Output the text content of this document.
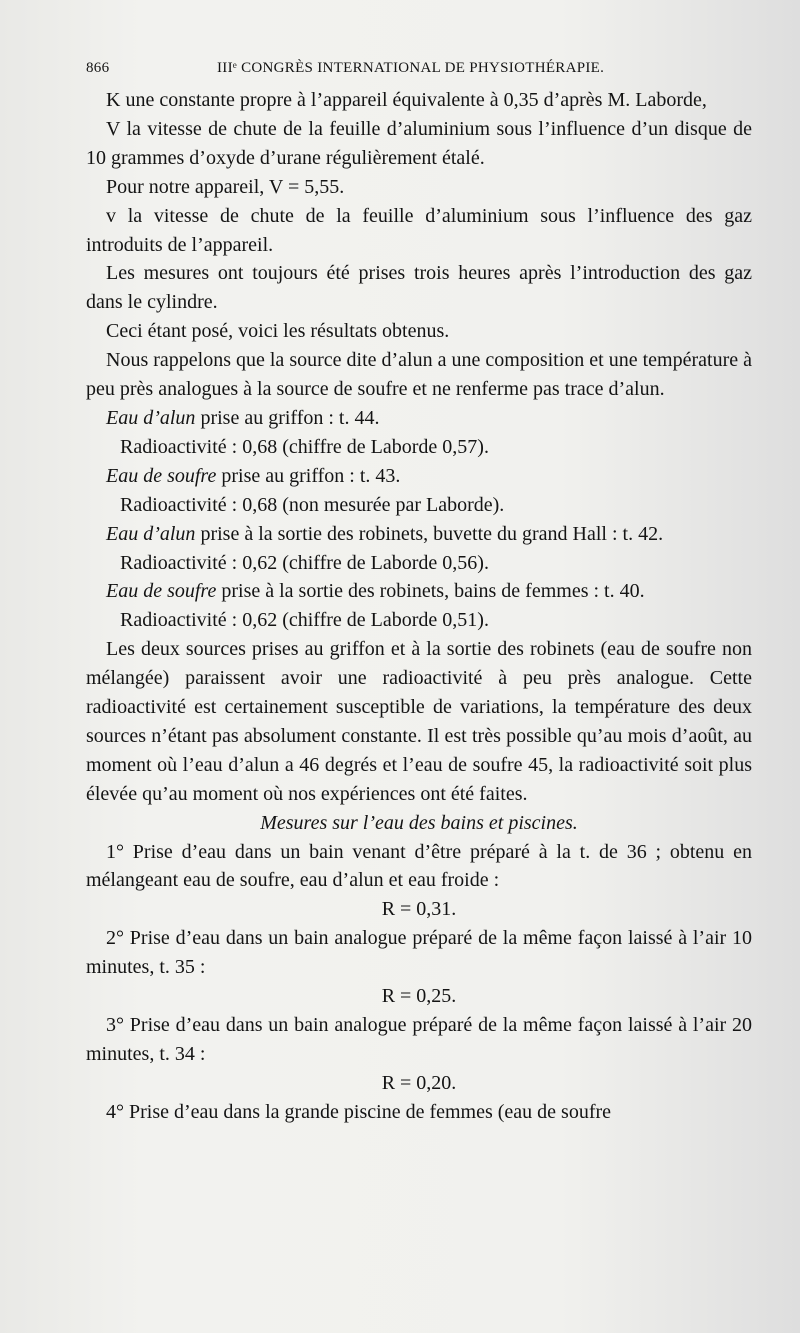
866	IIIᵉ CONGRÈS INTERNATIONAL DE PHYSIOTHÉRAPIE.

K une constante propre à l’appareil équivalente à 0,35 d’après M. Laborde,

V la vitesse de chute de la feuille d’aluminium sous l’influence d’un disque de 10 grammes d’oxyde d’urane régulièrement étalé.

Pour notre appareil, V = 5,55.

v la vitesse de chute de la feuille d’aluminium sous l’influence des gaz introduits de l’appareil.

Les mesures ont toujours été prises trois heures après l’introduction des gaz dans le cylindre.

Ceci étant posé, voici les résultats obtenus.

Nous rappelons que la source dite d’alun a une composition et une température à peu près analogues à la source de soufre et ne renferme pas trace d’alun.

Eau d’alun prise au griffon : t. 44.

Radioactivité : 0,68 (chiffre de Laborde 0,57).

Eau de soufre prise au griffon : t. 43.

Radioactivité : 0,68 (non mesurée par Laborde).

Eau d’alun prise à la sortie des robinets, buvette du grand Hall : t. 42.

Radioactivité : 0,62 (chiffre de Laborde 0,56).

Eau de soufre prise à la sortie des robinets, bains de femmes : t. 40.

Radioactivité : 0,62 (chiffre de Laborde 0,51).

Les deux sources prises au griffon et à la sortie des robinets (eau de soufre non mélangée) paraissent avoir une radioactivité à peu près analogue. Cette radioactivité est certainement susceptible de variations, la température des deux sources n’étant pas absolument constante. Il est très possible qu’au mois d’août, au moment où l’eau d’alun a 46 degrés et l’eau de soufre 45, la radioactivité soit plus élevée qu’au moment où nos expériences ont été faites.

Mesures sur l’eau des bains et piscines.

1° Prise d’eau dans un bain venant d’être préparé à la t. de 36 ; obtenu en mélangeant eau de soufre, eau d’alun et eau froide :

R = 0,31.

2° Prise d’eau dans un bain analogue préparé de la même façon laissé à l’air 10 minutes, t. 35 :

R = 0,25.

3° Prise d’eau dans un bain analogue préparé de la même façon laissé à l’air 20 minutes, t. 34 :

R = 0,20.

4° Prise d’eau dans la grande piscine de femmes (eau de soufre
